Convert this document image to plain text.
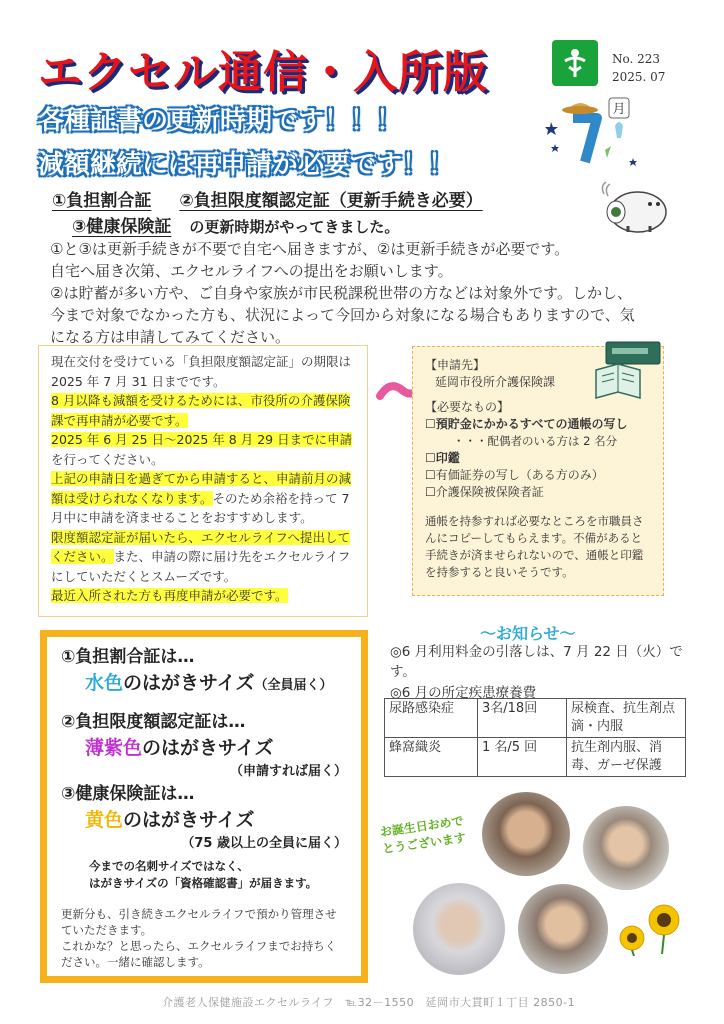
エクセル通信・入所版	No. 223
2025. 07
各種証書の更新時期です！！！
減額継続には再申請が必要です！！
月
①負担割合証 ②負担限度額認定証（更新手続き必要）
③健康保険証 の更新時期がやってきました。
①と③は更新手続きが不要で自宅へ届きますが、②は更新手続きが必要です。
自宅へ届き次第、エクセルライフへの提出をお願いします。
②は貯蓄が多い方や、ご自身や家族が市民税課税世帯の方などは対象外です。しかし、今まで対象でなかった方も、状況によって今回から対象になる場合もありますので、気になる方は申請してみてください。
現在交付を受けている「負担限度額認定証」の期限は 2025 年 7 月 31 日までです。
8 月以降も減額を受けるためには、市役所の介護保険課で再申請が必要です。
2025 年 6 月 25 日～2025 年 8 月 29 日までに申請を行ってください。
上記の申請日を過ぎてから申請すると、申請前月の減額は受けられなくなります。そのため余裕を持って 7 月中に申請を済ませることをおすすめします。
限度額認定証が届いたら、エクセルライフへ提出してください。また、申請の際に届け先をエクセルライフにしていただくとスムーズです。
最近入所された方も再度申請が必要です。
【申請先】
延岡市役所介護保険課
【必要なもの】
☐預貯金にかかるすべての通帳の写し
・・・配偶者のいる方は 2 名分
☐印鑑
☐有価証券の写し（ある方のみ）
☐介護保険被保険者証
通帳を持参すれば必要なところを市職員さんにコピーしてもらえます。不備があると手続きが済ませられないので、通帳と印鑑を持参すると良いそうです。
①負担割合証は…
水色のはがきサイズ（全員届く）
②負担限度額認定証は…
薄紫色のはがきサイズ
（申請すれば届く）
③健康保険証は…
黄色のはがきサイズ
（75 歳以上の全員に届く）
今までの名刺サイズではなく、
はがきサイズの「資格確認書」が届きます。
更新分も、引き続きエクセルライフで預かり管理させていただきます。
これかな？と思ったら、エクセルライフまでお持ちください。一緒に確認します。
～お知らせ～
◎6 月利用料金の引落しは、7 月 22 日（火）です。
◎6 月の所定疾患療養費
尿路感染症	3名/18回	尿検査、抗生剤点滴・内服
蜂窩織炎	1 名/5 回	抗生剤内服、消毒、ガーゼ保護
お誕生日おめでとうございます
介護老人保健施設エクセルライフ　℡32－1550　延岡市大貫町１丁目 2850-1
